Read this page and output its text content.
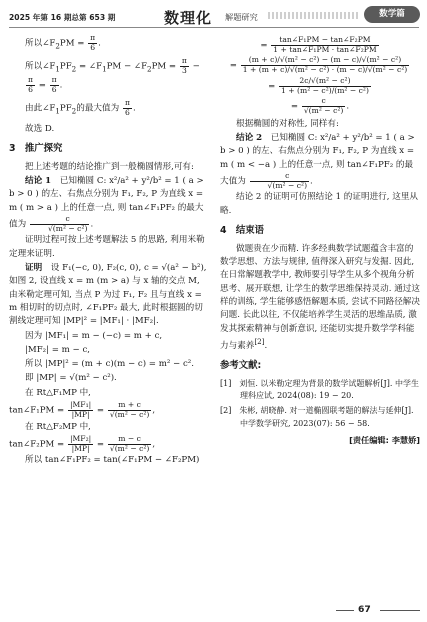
2025 年第 16 期总第 653 期	数理化 解题研究	数学篇
所以$\angle F_2PM = \frac{\pi}{6}$ .
所以$\angle F_1PF_2$ = $\angle F_1PM$ − $\angle F_2PM = \frac{\pi}{3}$ −
$\frac{\pi}{6} = \frac{\pi}{6}$ .
由此$\angle F_1PF_2$的最大值为 $\frac{\pi}{6}$ .
故选 D.
3　推广探究
把上述考题的结论推广到一般椭圆情形,可有:
结论 1　已知椭圆 C: x²/a² + y²/b² = 1 ( a > b > 0 ) 的左、右焦点分别为 F₁, F₂, P 为直线 x = m ( m > a ) 上的任意一点, 则 tan∠F₁PF₂ 的最大值为 $\frac{c}{\text{√(m² − c²)}}$ .
证明过程可按上述考题解法 5 的思路, 利用米勒定理来证明.
证明　设 F₁(−c, 0), F₂(c, 0), c = √(a² − b²), 如图 2, 设直线 x = m (m > a) 与 x 轴的交点 M, 由米勒定理可知, 当点 P 为过 F₁, F₂ 且与直线 x = m 相切时的切点时, ∠F₁PF₂ 最大, 此时根据圆的切割线定理可知 |MP|² = |MF₁| · |MF₂|.
因为 |MF₁| = m − (−c) = m + c,
|MF₂| = m − c,
所以 |MP|² = (m + c)(m − c) = m² − c².
即 |MP| = √(m² − c²).
在 Rt△F₁MP 中,
tan∠F₁PM = $\frac{\text{|MF₁|}}{|MP|} = \frac{m + c}{\text{√(m² − c²)}}$ ,
在 Rt△F₂MP 中,
tan∠F₂PM = $\frac{\text{|MF₂|}}{|MP|} = \frac{m - c}{\text{√(m² − c²)}}$ ,
所以 tan∠F₁PF₂ = tan(∠F₁PM − ∠F₂PM)
= $\frac{\text{tan∠F₁PM − tan∠F₂PM}}{\text{1 + tan∠F₁PM · tan∠F₂PM}}$
= $\frac{\text{(m + c)/√(m² − c²) − (m − c)/√(m² − c²)}}{\text{1 + (m + c)/√(m² − c²) · (m − c)/√(m² − c²)}}$
= $\frac{\text{2c/√(m² − c²)}}{\text{1 + (m² − c²)/(m² − c²)}}$
= $\frac{c}{\text{√(m² − c²)}}$ .
根据椭圆的对称性, 同样有:
结论 2　已知椭圆 C: x²/a² + y²/b² = 1 ( a > b > 0 ) 的左、右焦点分别为 F₁, F₂, P 为直线 x = m ( m < −a ) 上的任意一点, 则 tan∠F₁PF₂ 的最大值为 $\frac{c}{\text{√(m² − c²)}}$ .
结论 2 的证明可仿照结论 1 的证明进行, 这里从略.
4　结束语
做题贵在少而精. 许多经典数学试题蕴含丰富的数学思想、方法与规律, 值得深入研究与发掘. 因此, 在日常解题教学中, 教师要引导学生从多个视角分析思考、展开联想, 让学生的数学思维保持灵动. 通过这样的训练, 学生能够感悟解题本质, 尝试不同路径解决问题. 长此以往, 不仅能培养学生灵活的思维品质, 激发其探索精神与创新意识, 还能切实提升数学学科能力与素养[2].
参考文献:
[1]　刘恒. 以米勒定理为背景的数学试题解析[J]. 中学生理科应试, 2024(08): 19 − 20.
[2]　朱彬, 胡晓静. 对一道椭圆联考题的解法与延伸[J]. 中学数学研究, 2023(07): 56 − 58.
[责任编辑: 李慧娇]
67
